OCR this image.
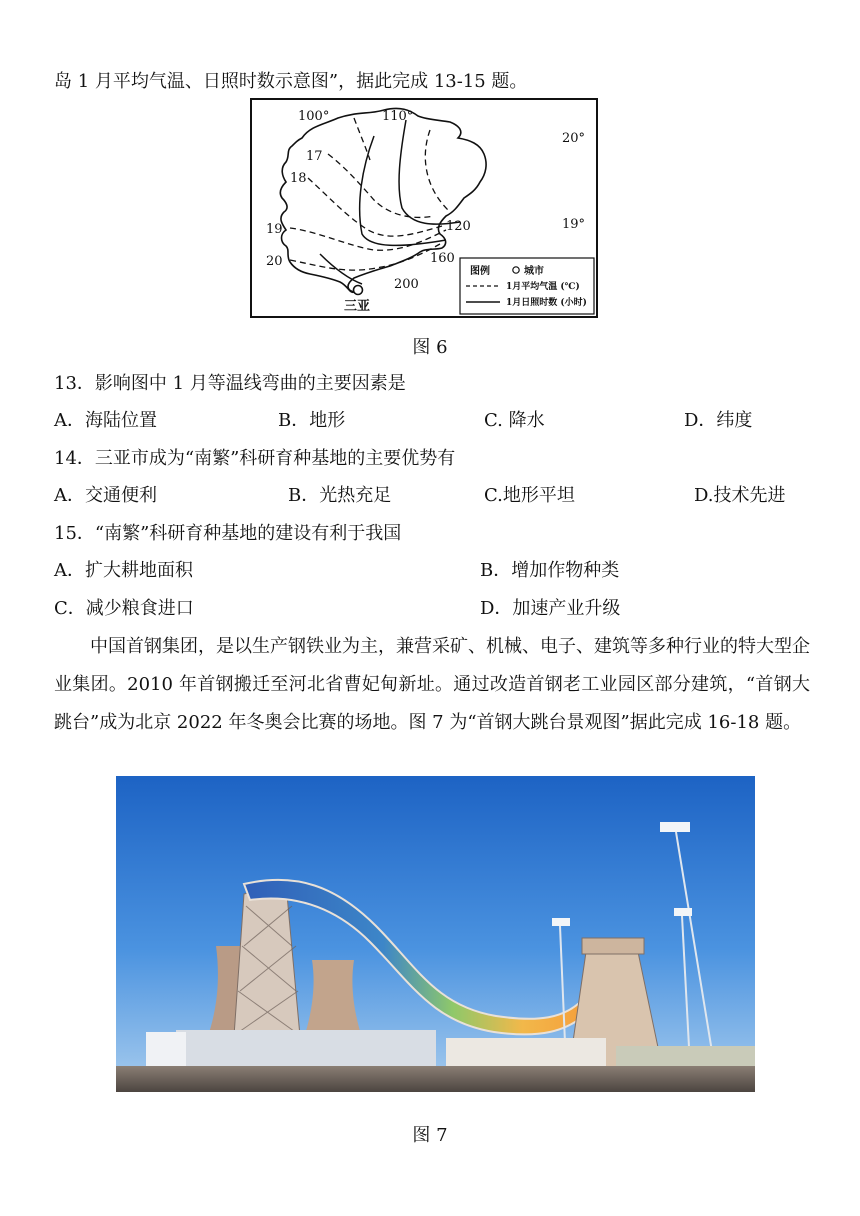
岛 1 月平均气温、日照时数示意图”，据此完成 13-15 题。
100°	110°
20°
19°
17
18
19
20
120
160
200
三亚
图例	城市
1月平均气温 (℃)
1月日照时数 (小时)
图 6
13．影响图中 1 月等温线弯曲的主要因素是
A．海陆位置	B．地形	C. 降水	D．纬度
14．三亚市成为“南繁”科研育种基地的主要优势有
A．交通便利	B．光热充足	C.地形平坦	D.技术先进
15．“南繁”科研育种基地的建设有利于我国
A．扩大耕地面积	B．增加作物种类
C．减少粮食进口	D．加速产业升级
中国首钢集团，是以生产钢铁业为主，兼营采矿、机械、电子、建筑等多种行业的特大型企业集团。2010 年首钢搬迁至河北省曹妃甸新址。通过改造首钢老工业园区部分建筑，“首钢大跳台”成为北京 2022 年冬奥会比赛的场地。图 7 为“首钢大跳台景观图”据此完成 16-18 题。
图 7
